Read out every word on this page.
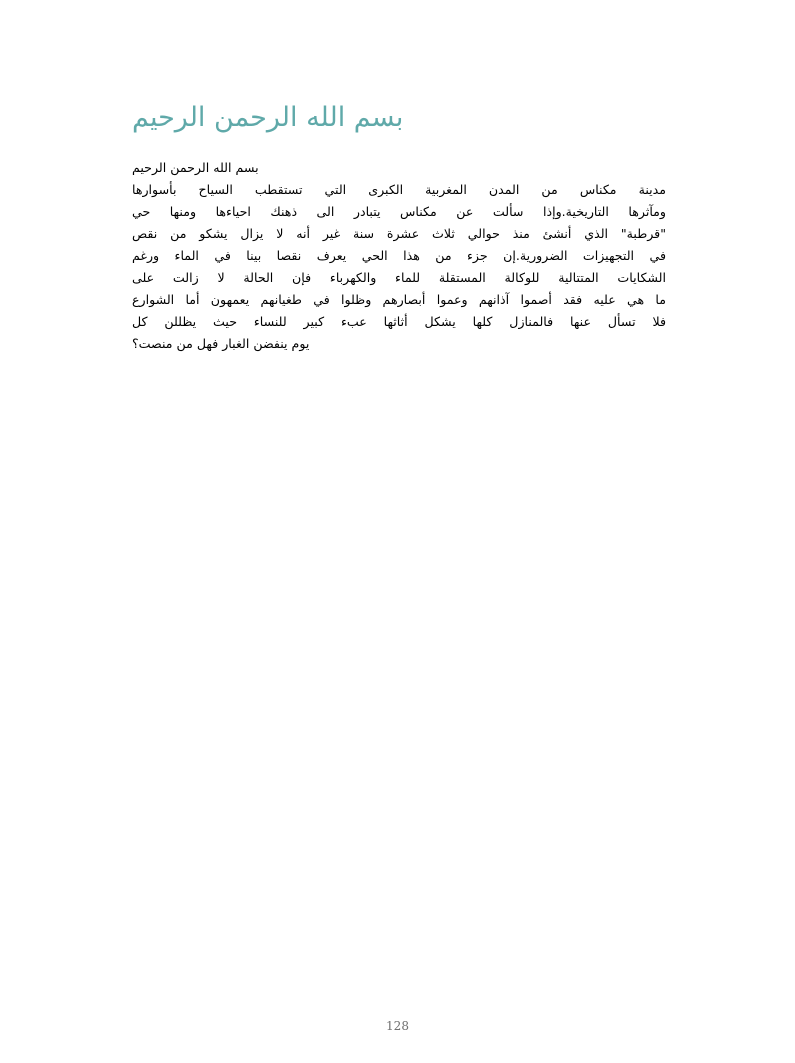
بسم الله الرحمن الرحيم
بسم الله الرحمن الرحيم
مدينة مكناس من المدن المغربية الكبرى التي تستقطب السياح بأسوارها
ومآثرها التاريخية.وإذا سألت عن مكناس يتبادر الى ذهنك احياءها ومنها حي
"قرطبة" الذي أنشئ منذ حوالي ثلاث عشرة سنة غير أنه لا يزال يشكو من نقص
في التجهيزات الضرورية.إن جزء من هذا الحي يعرف نقصا بينا في الماء ورغم
الشكايات المتتالية للوكالة المستقلة للماء والكهرباء فإن الحالة لا زالت على
ما هي عليه فقد أصموا آذانهم وعموا أبصارهم وظلوا في طغيانهم يعمهون أما الشوارع
فلا تسأل عنها فالمنازل كلها يشكل أثاثها عبء كبير للنساء حيث يظللن كل
يوم ينفضن الغبار فهل من منصت؟
128
